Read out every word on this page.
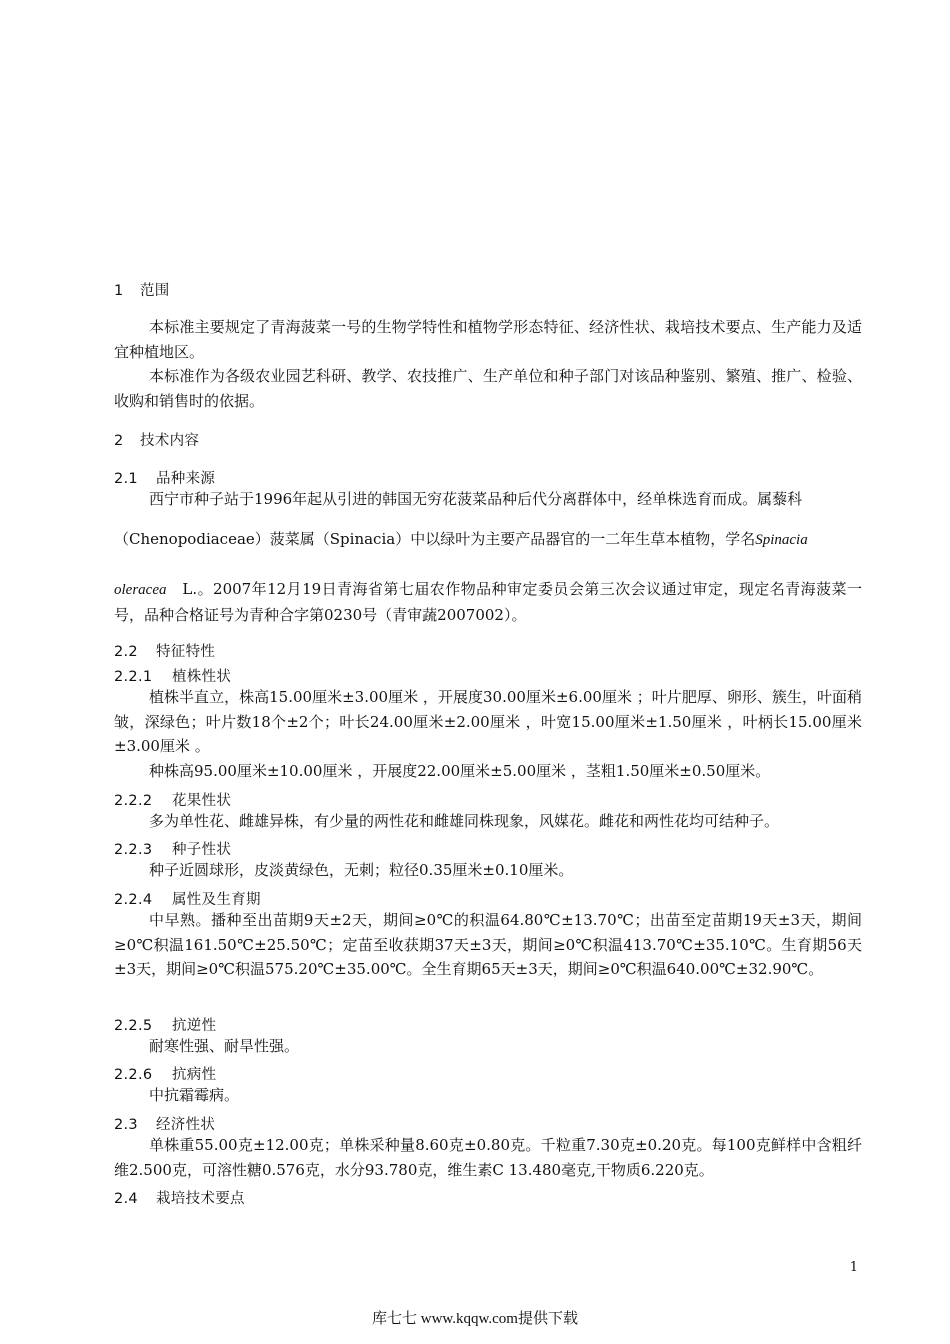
1 范围
本标准主要规定了青海菠菜一号的生物学特性和植物学形态特征、经济性状、栽培技术要点、生产能力及适宜种植地区。
本标准作为各级农业园艺科研、教学、农技推广、生产单位和种子部门对该品种鉴别、繁殖、推广、检验、收购和销售时的依据。
2 技术内容
2.1 品种来源
西宁市种子站于1996年起从引进的韩国无穷花菠菜品种后代分离群体中，经单株选育而成。属藜科
（Chenopodiaceae）菠菜属（Spinacia）中以绿叶为主要产品器官的一二年生草本植物，学名Spinacia
oleracea　L.。2007年12月19日青海省第七届农作物品种审定委员会第三次会议通过审定，现定名青海菠菜一号，品种合格证号为青种合字第0230号（青审蔬2007002）。
2.2 特征特性
2.2.1 植株性状
植株半直立，株高15.00厘米±3.00厘米 ，开展度30.00厘米±6.00厘米 ；叶片肥厚、卵形、簇生，叶面稍皱，深绿色；叶片数18个±2个；叶长24.00厘米±2.00厘米 ，叶宽15.00厘米±1.50厘米 ，叶柄长15.00厘米±3.00厘米 。
种株高95.00厘米±10.00厘米 ，开展度22.00厘米±5.00厘米 ，茎粗1.50厘米±0.50厘米。
2.2.2 花果性状
多为单性花、雌雄异株，有少量的两性花和雌雄同株现象，风媒花。雌花和两性花均可结种子。
2.2.3 种子性状
种子近圆球形，皮淡黄绿色，无刺；粒径0.35厘米±0.10厘米。
2.2.4 属性及生育期
中早熟。播种至出苗期9天±2天，期间≥0℃的积温64.80℃±13.70℃；出苗至定苗期19天±3天，期间≥0℃积温161.50℃±25.50℃；定苗至收获期37天±3天，期间≥0℃积温413.70℃±35.10℃。生育期56天±3天，期间≥0℃积温575.20℃±35.00℃。全生育期65天±3天，期间≥0℃积温640.00℃±32.90℃。
2.2.5 抗逆性
耐寒性强、耐旱性强。
2.2.6 抗病性
中抗霜霉病。
2.3 经济性状
单株重55.00克±12.00克；单株采种量8.60克±0.80克。千粒重7.30克±0.20克。每100克鲜样中含粗纤维2.500克，可溶性糖0.576克，水分93.780克，维生素C 13.480毫克,干物质6.220克。
2.4 栽培技术要点
1
库七七 www.kqqw.com提供下载
